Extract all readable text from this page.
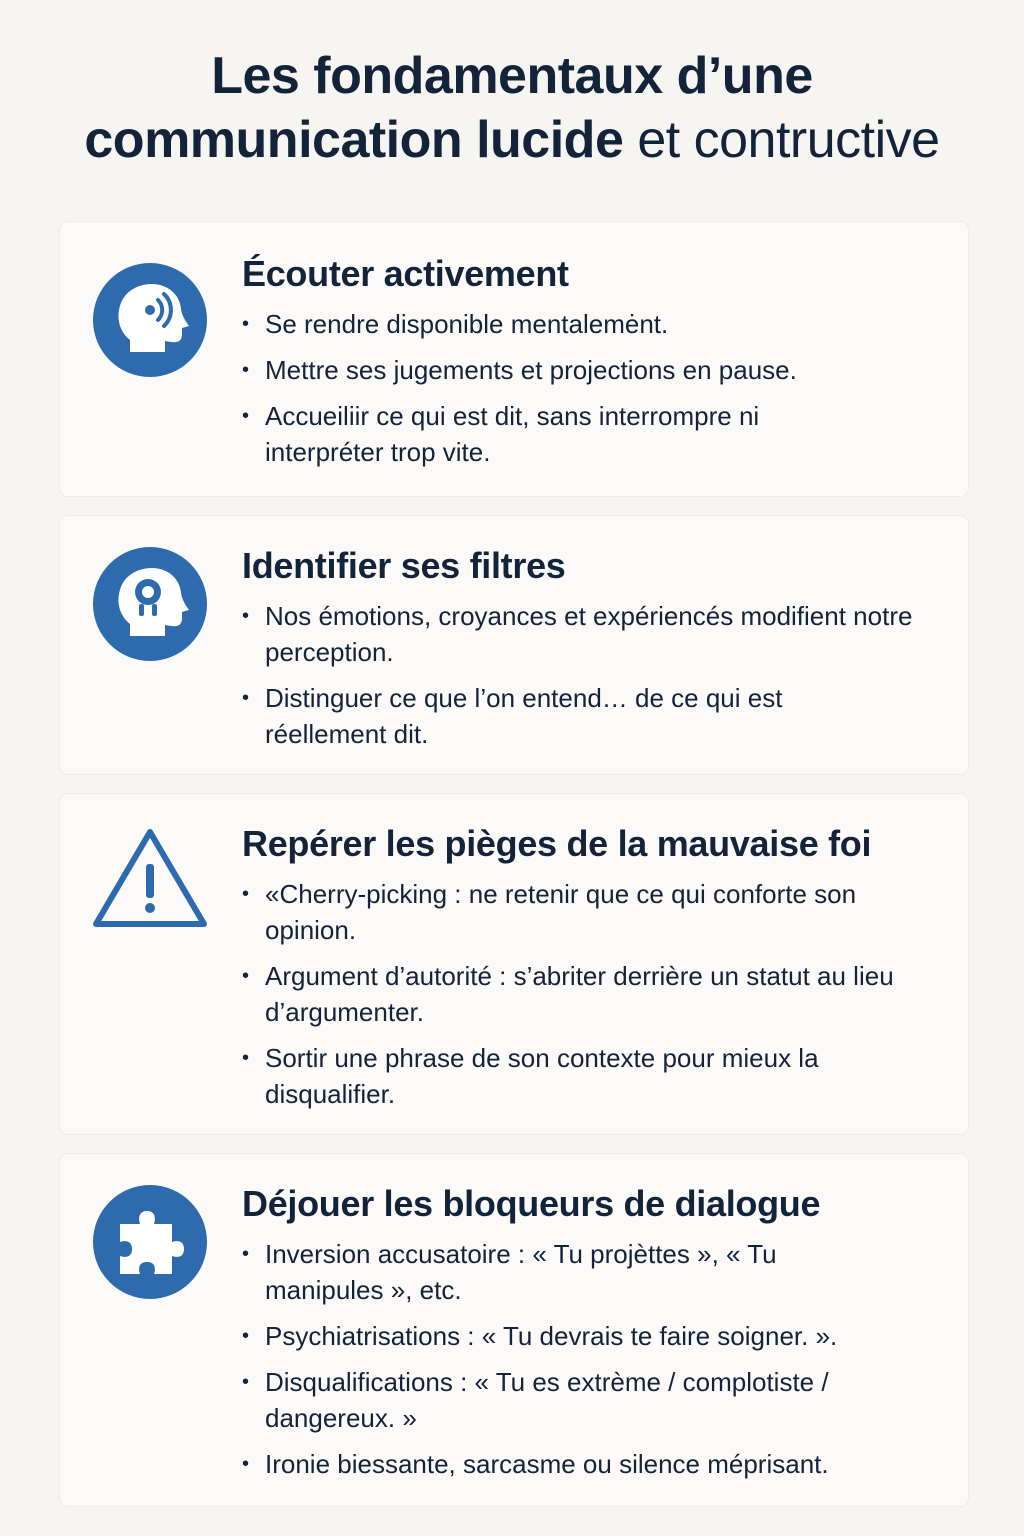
Les fondamentaux d’une
communication lucide et contructive
Écouter activement
• Se rendre disponible mentalemėnt.
• Mettre ses jugements et projections en pause.
• Accueiliir ce qui est dit, sans interrompre ni interpréter trop vite.
Identifier ses filtres
• Nos émotions, croyances et expériencés modifient notre perception.
• Distinguer ce que l’on entend… de ce qui est réellement dit.
Repérer les pièges de la mauvaise foi
• «Cherry-picking : ne retenir que ce qui conforte son opinion.
• Argument d’autorité : s’abriter derrière un statut au lieu d’argumenter.
• Sortir une phrase de son contexte pour mieux la disqualifier.
Déjouer les bloqueurs de dialogue
• Inversion accusatoire : « Tu projèttes », « Tu manipules », etc.
• Psychiatrisations : « Tu devrais te faire soigner. ».
• Disqualifications : « Tu es extrème / complotiste / dangereux. »
• Ironie biessante, sarcasme ou silence méprisant.
